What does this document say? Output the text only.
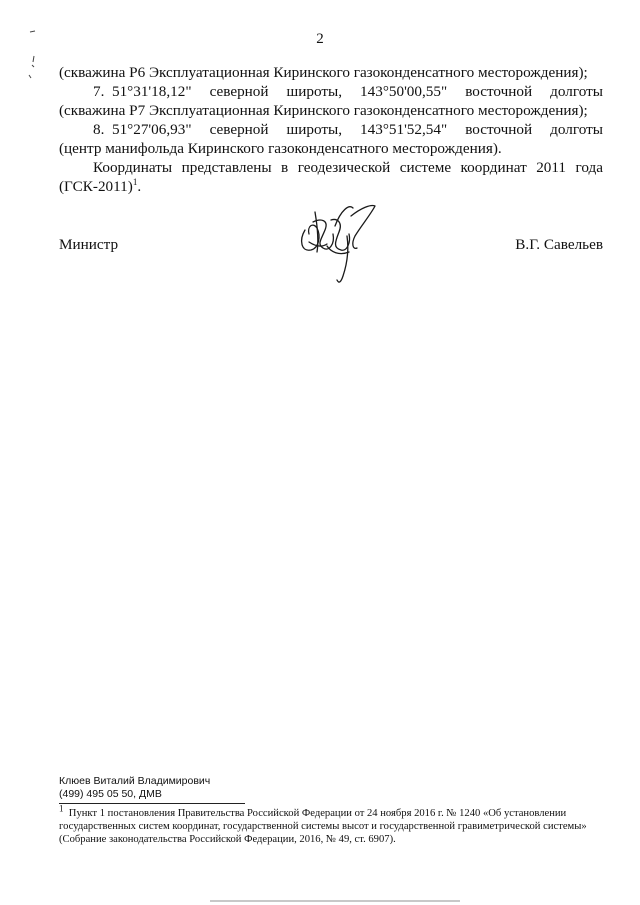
2
(скважина Р6 Эксплуатационная Киринского газоконденсатного месторождения);
7. 51°31'18,12" северной широты, 143°50'00,55" восточной долготы
(скважина Р7 Эксплуатационная Киринского газоконденсатного месторождения);
8. 51°27'06,93" северной широты, 143°51'52,54" восточной долготы
(центр манифольда Киринского газоконденсатного месторождения).
Координаты представлены в геодезической системе координат 2011 года
$(ГСК-2011)^1$.
Министр	В.Г. Савельев
Клюев Виталий Владимирович
(499) 495 05 50, ДМВ
$^1$ Пункт 1 постановления Правительства Российской Федерации от 24 ноября 2016 г. № 1240 «Об установлении государственных систем координат, государственной системы высот и государственной гравиметрической системы» (Собрание законодательства Российской Федерации, 2016, № 49, ст. 6907).
